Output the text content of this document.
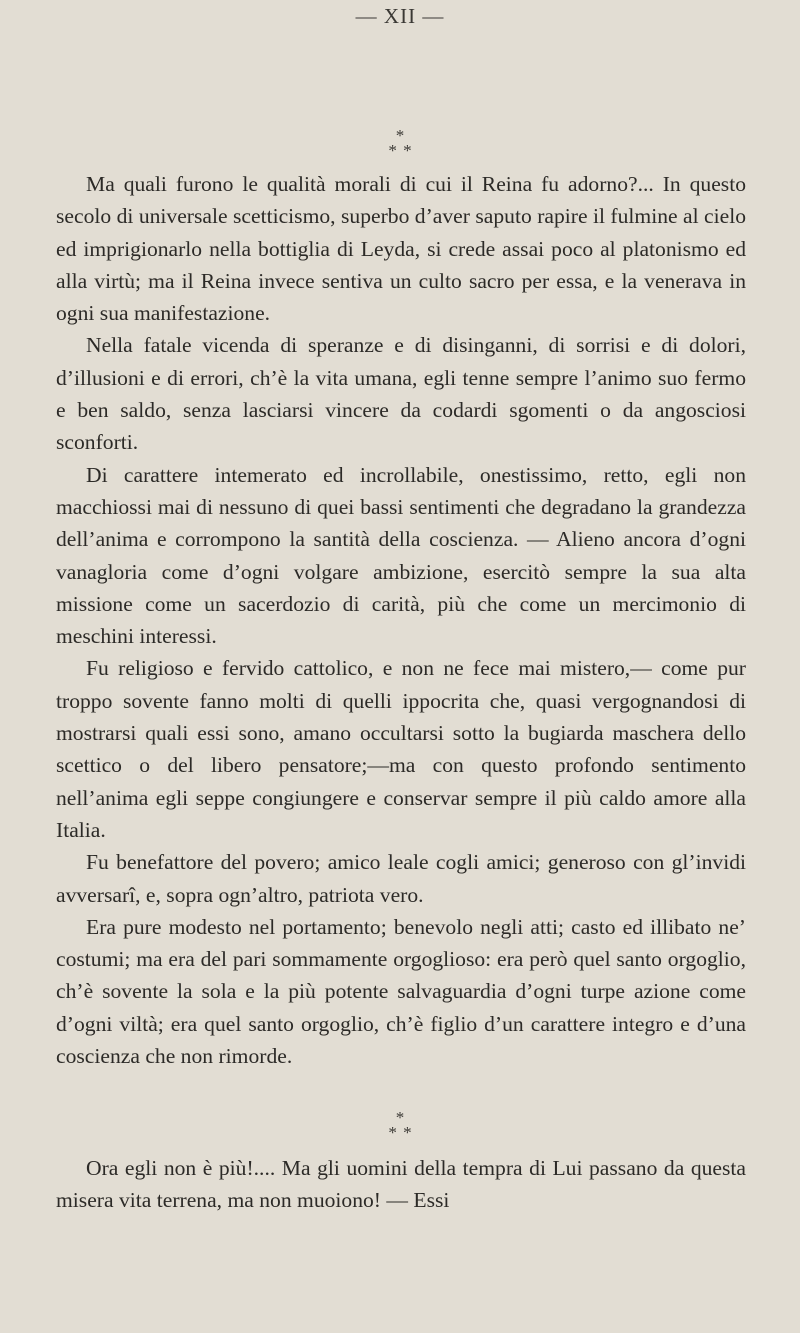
— XII —
*
* *

Ma quali furono le qualità morali di cui il Reina fu adorno?... In questo secolo di universale scetticismo, superbo d’aver saputo rapire il fulmine al cielo ed imprigionarlo nella bottiglia di Leyda, si crede assai poco al platonismo ed alla virtù; ma il Reina invece sentiva un culto sacro per essa, e la venerava in ogni sua manifestazione.

Nella fatale vicenda di speranze e di disinganni, di sorrisi e di dolori, d’illusioni e di errori, ch’è la vita umana, egli tenne sempre l’animo suo fermo e ben saldo, senza lasciarsi vincere da codardi sgomenti o da angosciosi sconforti.

Di carattere intemerato ed incrollabile, onestissimo, retto, egli non macchiossi mai di nessuno di quei bassi sentimenti che degradano la grandezza dell’anima e corrompono la santità della coscienza. — Alieno ancora d’ogni vanagloria come d’ogni volgare ambizione, esercitò sempre la sua alta missione come un sacerdozio di carità, più che come un mercimonio di meschini interessi.

Fu religioso e fervido cattolico, e non ne fece mai mistero,— come pur troppo sovente fanno molti di quelli ippocrita che, quasi vergognandosi di mostrarsi quali essi sono, amano occultarsi sotto la bugiarda maschera dello scettico o del libero pensatore;—ma con questo profondo sentimento nell’anima egli seppe congiungere e conservar sempre il più caldo amore alla Italia.

Fu benefattore del povero; amico leale cogli amici; generoso con gl’invidi avversarî, e, sopra ogn’altro, patriota vero.

Era pure modesto nel portamento; benevolo negli atti; casto ed illibato ne’ costumi; ma era del pari sommamente orgoglioso: era però quel santo orgoglio, ch’è sovente la sola e la più potente salvaguardia d’ogni turpe azione come d’ogni viltà; era quel santo orgoglio, ch’è figlio d’un carattere integro e d’una coscienza che non rimorde.

*
* *

Ora egli non è più!.... Ma gli uomini della tempra di Lui passano da questa misera vita terrena, ma non muoiono! — Essi
